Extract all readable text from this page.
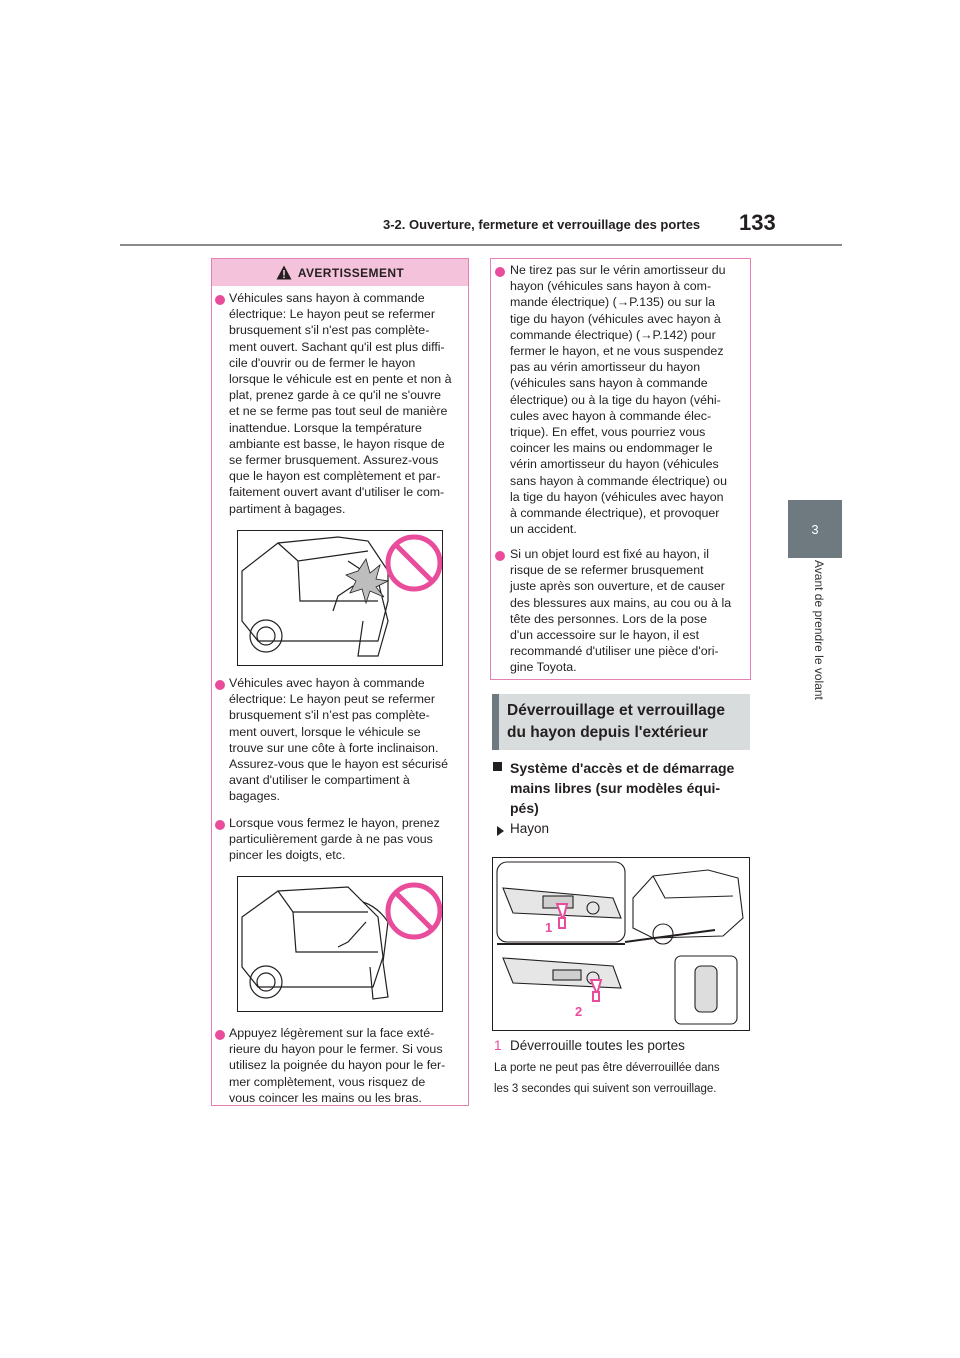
3-2. Ouverture, fermeture et verrouillage des portes 133
3
Avant de prendre le volant
AVERTISSEMENT
Véhicules sans hayon à commande
électrique: Le hayon peut se refermer
brusquement s'il n'est pas complète-
ment ouvert. Sachant qu'il est plus diffi-
cile d'ouvrir ou de fermer le hayon
lorsque le véhicule est en pente et non à
plat, prenez garde à ce qu'il ne s'ouvre
et ne se ferme pas tout seul de manière
inattendue. Lorsque la température
ambiante est basse, le hayon risque de
se fermer brusquement. Assurez-vous
que le hayon est complètement et par-
faitement ouvert avant d'utiliser le com-
partiment à bagages.
Véhicules avec hayon à commande
électrique: Le hayon peut se refermer
brusquement s'il n’est pas complète-
ment ouvert, lorsque le véhicule se
trouve sur une côte à forte inclinaison.
Assurez-vous que le hayon est sécurisé
avant d'utiliser le compartiment à
bagages.
Lorsque vous fermez le hayon, prenez
particulièrement garde à ne pas vous
pincer les doigts, etc.
Appuyez légèrement sur la face exté-
rieure du hayon pour le fermer. Si vous
utilisez la poignée du hayon pour le fer-
mer complètement, vous risquez de
vous coincer les mains ou les bras.
Ne tirez pas sur le vérin amortisseur du
hayon (véhicules sans hayon à com-
mande électrique) (→P.135) ou sur la
tige du hayon (véhicules avec hayon à
commande électrique) (→P.142) pour
fermer le hayon, et ne vous suspendez
pas au vérin amortisseur du hayon
(véhicules sans hayon à commande
électrique) ou à la tige du hayon (véhi-
cules avec hayon à commande élec-
trique). En effet, vous pourriez vous
coincer les mains ou endommager le
vérin amortisseur du hayon (véhicules
sans hayon à commande électrique) ou
la tige du hayon (véhicules avec hayon
à commande électrique), et provoquer
un accident.
Si un objet lourd est fixé au hayon, il
risque de se refermer brusquement
juste après son ouverture, et de causer
des blessures aux mains, au cou ou à la
tête des personnes. Lors de la pose
d'un accessoire sur le hayon, il est
recommandé d'utiliser une pièce d'ori-
gine Toyota.
Déverrouillage et verrouillage
du hayon depuis l'extérieur
Système d'accès et de démarrage
mains libres (sur modèles équi-
pés)
Hayon
1
2
1 Déverrouille toutes les portes
La porte ne peut pas être déverrouillée dans
les 3 secondes qui suivent son verrouillage.
